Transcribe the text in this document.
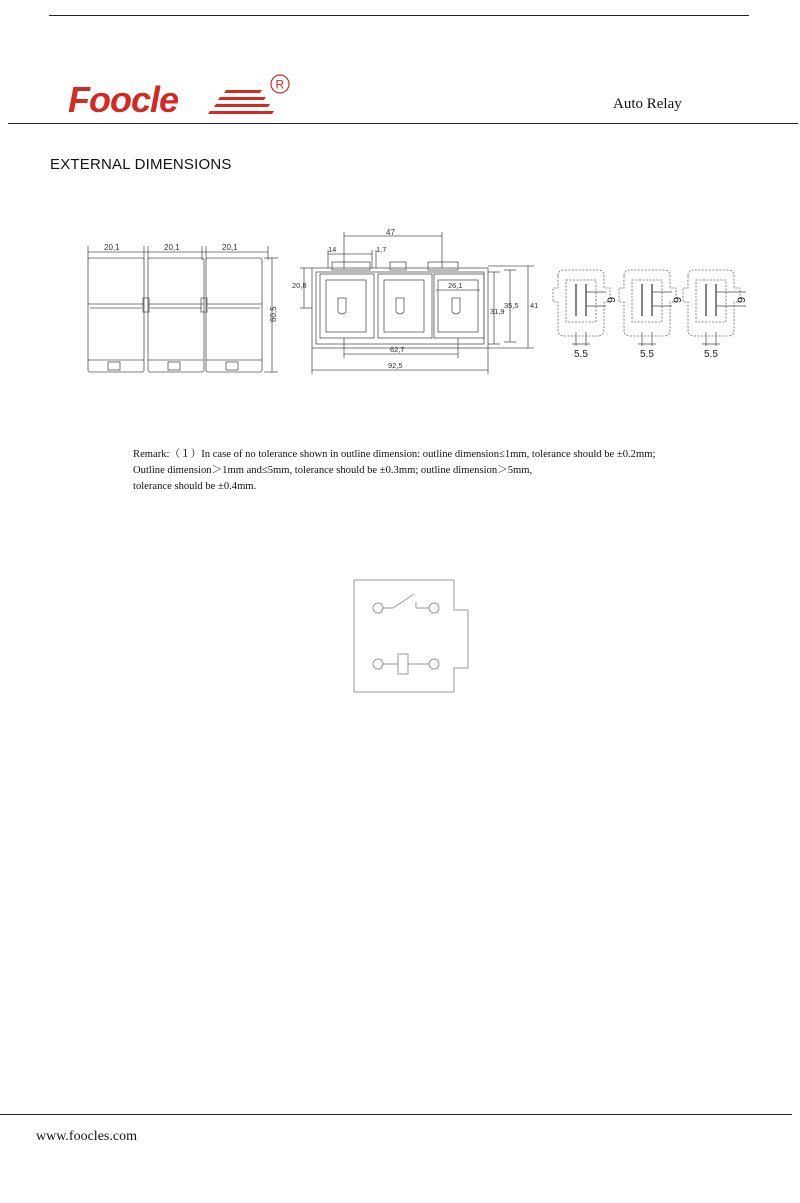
Foocle	R
Auto Relay
EXTERNAL DIMENSIONS
20,1	20,1	20,1
60,5
47
14	1,7
20,8	26,1
35,5 41
31,9
62,7
92,5
9	9	9
5.5	5.5	5.5

Remark:（１）In case of no tolerance shown in outline dimension: outline dimension≤1mm, tolerance should be ±0.2mm;

Outline dimension＞1mm and≤5mm, tolerance should be ±0.3mm; outline dimension＞5mm,

tolerance should be ±0.4mm.

www.foocles.com
